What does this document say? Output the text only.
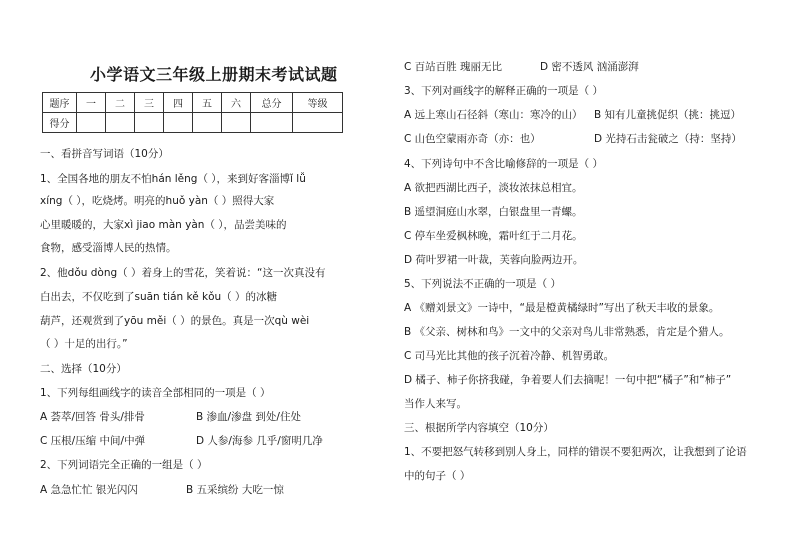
小学语文三年级上册期末考试试题
题序	一	二	三	四	五	六	总分	等级
得分								
一、看拼音写词语（10分）
1、全国各地的朋友不怕hán lěng（ ），来到好客淄博ǐ lǚ
xíng（ ），吃烧烤。明亮的huǒ yàn（ ）照得大家
心里暖暖的，大家xì jiao màn yàn（ ），品尝美味的
食物，感受淄博人民的热情。
2、他dǒu dòng（ ）着身上的雪花，笑着说：“这一次真没有
白出去，不仅吃到了suān tián kě kǒu（ ）的冰糖
葫芦，还观赏到了yōu měi（ ）的景色。真是一次qù wèi
（ ）十足的出行。”
二、选择（10分）
1、下列每组画线字的读音全部相同的一项是（ ）
A 荟萃/回答 骨头/排骨	B 渗血/渗盘 到处/住处
C 压根/压缩 中间/中弹	D 人参/海参 几乎/窗明几净
2、下列词语完全正确的一组是（ ）
A 急急忙忙 银光闪闪	B 五采缤纷 大吃一惊
C 百站百胜 瑰丽无比	D 密不透风 汹涌澎湃
3、下列对画线字的解释正确的一项是（ ）
A 远上寒山石径斜（寒山：寒冷的山） B 知有儿童挑促织（挑：挑逗）
C 山色空蒙雨亦奇（亦：也）	D 光持石击瓮破之（持：坚持）
4、下列诗句中不含比喻修辞的一项是（ ）
A 欲把西湖比西子，淡妆浓抹总相宜。
B 遥望洞庭山水翠，白银盘里一青螺。
C 停车坐爱枫林晚，霜叶红于二月花。
D 荷叶罗裙一叶裁，芙蓉向脸两边开。
5、下列说法不正确的一项是（ ）
A 《赠刘景文》一诗中，“最是橙黄橘绿时”写出了秋天丰收的景象。
B 《父亲、树林和鸟》一文中的父亲对鸟儿非常熟悉，肯定是个猎人。
C 司马光比其他的孩子沉着冷静、机智勇敢。
D 橘子、柿子你挤我碰，争着要人们去摘呢！一句中把“橘子”和“柿子”
当作人来写。
三、根据所学内容填空（10分）
1、不要把怒气转移到别人身上，同样的错误不要犯两次，让我想到了论语
中的句子（ ）
